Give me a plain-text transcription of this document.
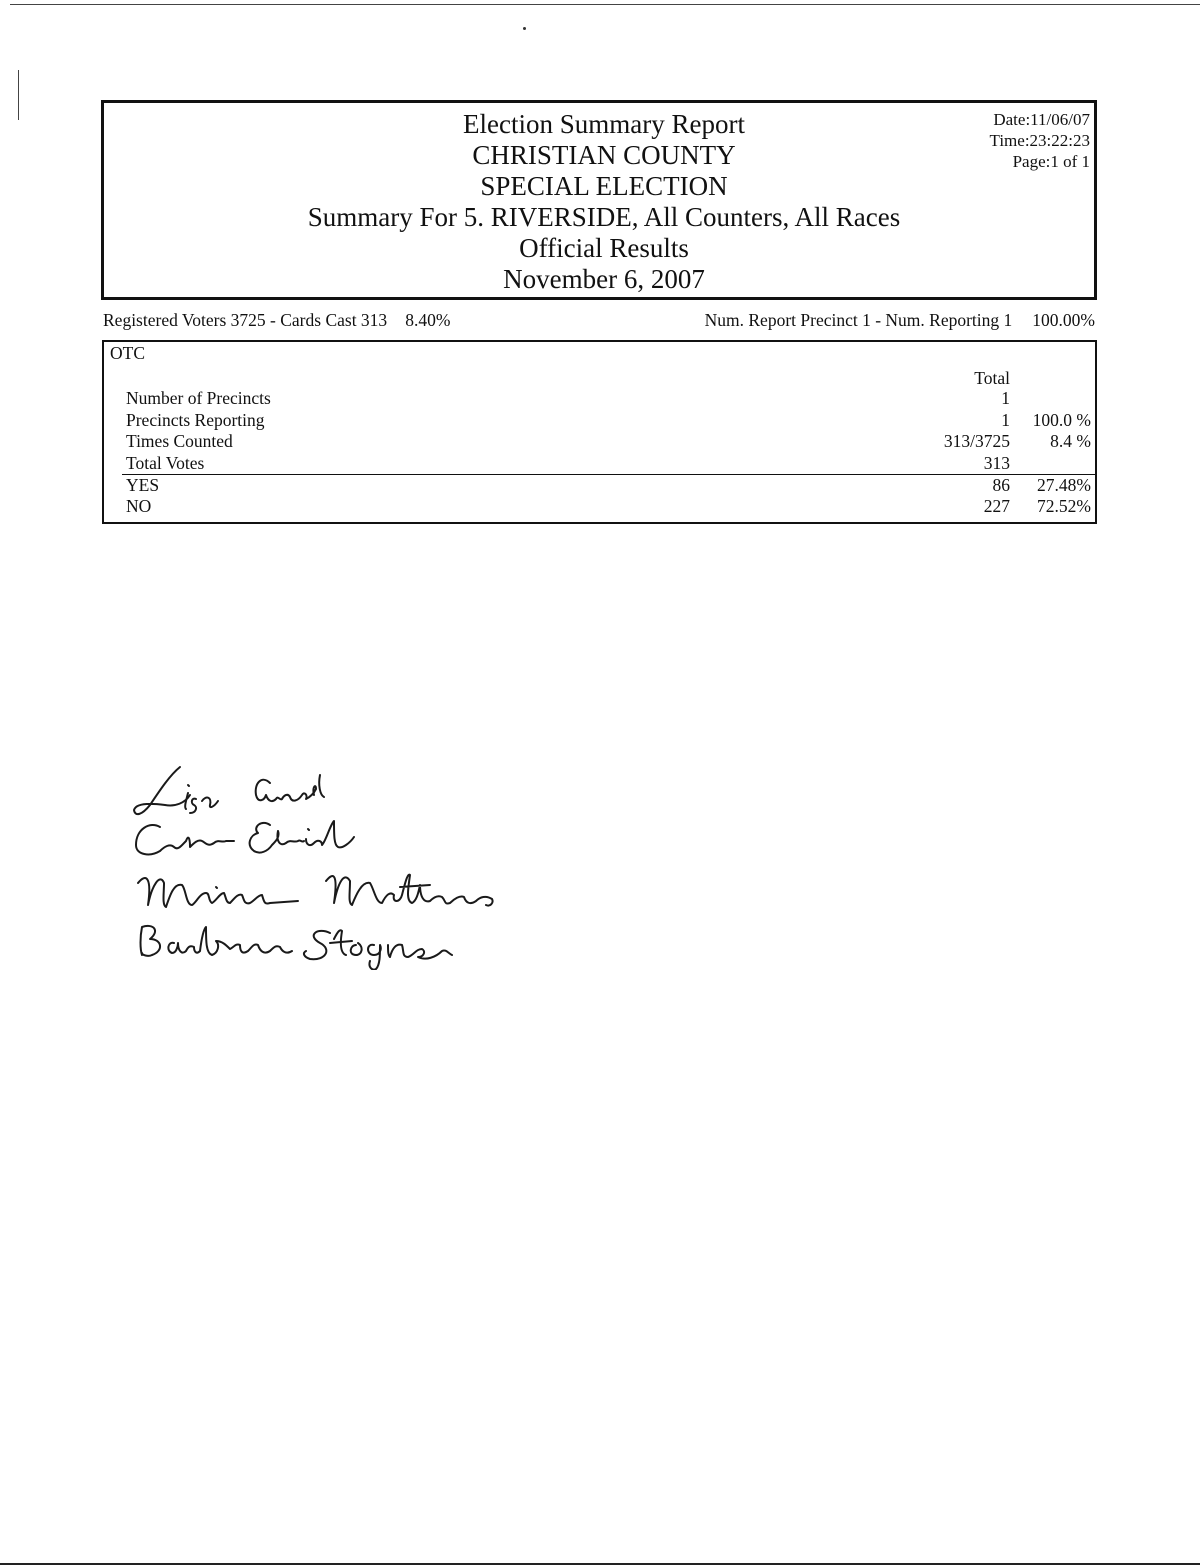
Election Summary Report
CHRISTIAN COUNTY
SPECIAL ELECTION
Summary For 5. RIVERSIDE, All Counters, All Races
Official Results
November 6, 2007
Date:11/06/07
Time:23:22:23
Page:1 of 1
Registered Voters 3725 - Cards Cast 313 8.40%	Num. Report Precinct 1 - Num. Reporting 1 100.00%
OTC
Total
Number of Precincts	1
Precincts Reporting	1 100.0 %
Times Counted	313/3725 8.4 %
Total Votes	313
YES	86 27.48%
NO	227 72.52%
